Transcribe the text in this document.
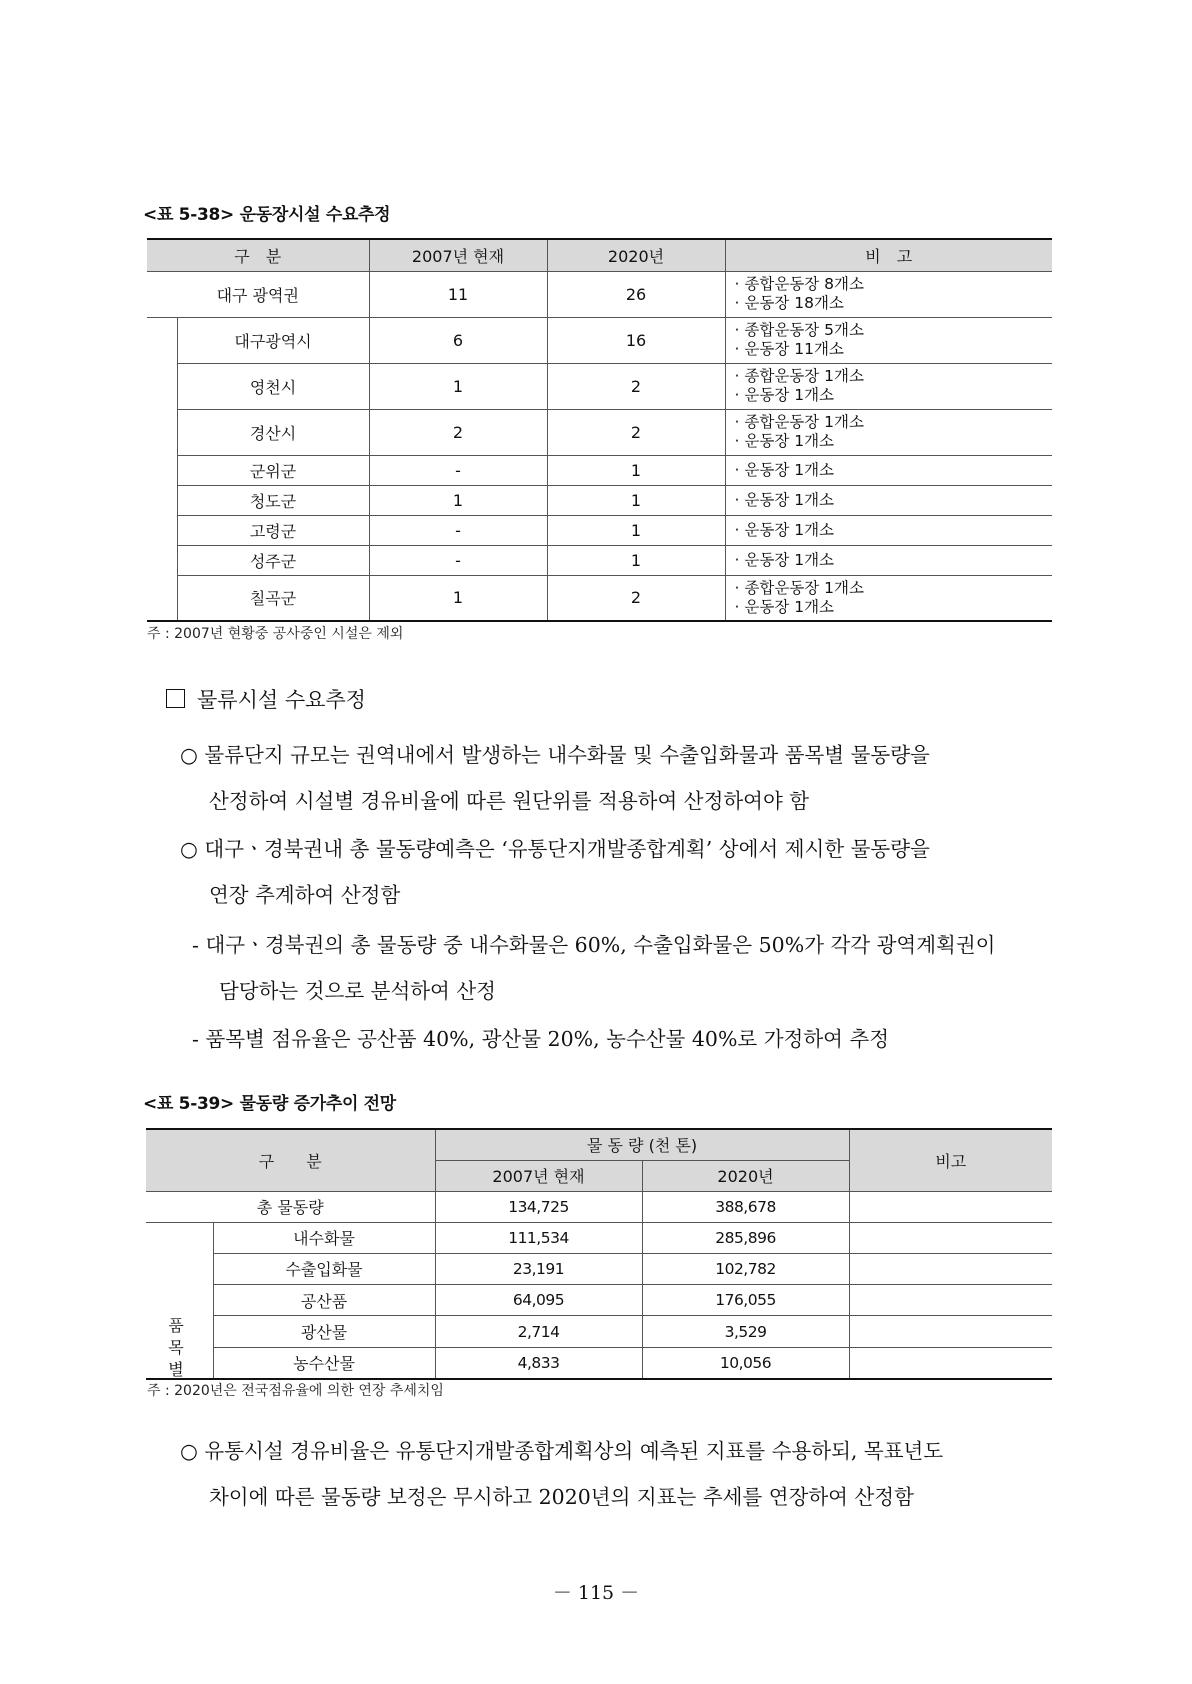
<표 5-38> 운동장시설 수요추정
구　분		2007년 현재	2020년	비　고
대구 광역권		11	26	· 종합운동장 8개소
· 운동장 18개소

	대구광역시	6	16	· 종합운동장 5개소
· 운동장 11개소

	영천시	1	2	· 종합운동장 1개소
· 운동장 1개소

	경산시	2	2	· 종합운동장 1개소
· 운동장 1개소

	군위군	-	1	· 운동장 1개소

	청도군	1	1	· 운동장 1개소

	고령군	-	1	· 운동장 1개소

	성주군	-	1	· 운동장 1개소

	칠곡군	1	2	· 종합운동장 1개소
· 운동장 1개소
주 : 2007년 현황중 공사중인 시설은 제외
물류시설 수요추정
○ 물류단지 규모는 권역내에서 발생하는 내수화물 및 수출입화물과 품목별 물동량을
산정하여 시설별 경유비율에 따른 원단위를 적용하여 산정하여야 함
○ 대구ㆍ경북권내 총 물동량예측은 ‘유통단지개발종합계획’ 상에서 제시한 물동량을
연장 추계하여 산정함
- 대구ㆍ경북권의 총 물동량 중 내수화물은 60%, 수출입화물은 50%가 각각 광역계획권이
담당하는 것으로 분석하여 산정
- 품목별 점유율은 공산품 40%, 광산물 20%, 농수산물 40%로 가정하여 추정
<표 5-39> 물동량 증가추이 전망
구　　분		물 동 량 (천 톤)		비고
		2007년 현재	2020년	
총 물동량		134,725	388,678	

품
목
별	내수화물	111,534	285,896	
	수출입화물	23,191	102,782	
	공산품	64,095	176,055	
	광산물	2,714	3,529	
	농수산물	4,833	10,056	
주 : 2020년은 전국점유율에 의한 연장 추세치임
○ 유통시설 경유비율은 유통단지개발종합계획상의 예측된 지표를 수용하되, 목표년도
차이에 따른 물동량 보정은 무시하고 2020년의 지표는 추세를 연장하여 산정함
－ 115 －
